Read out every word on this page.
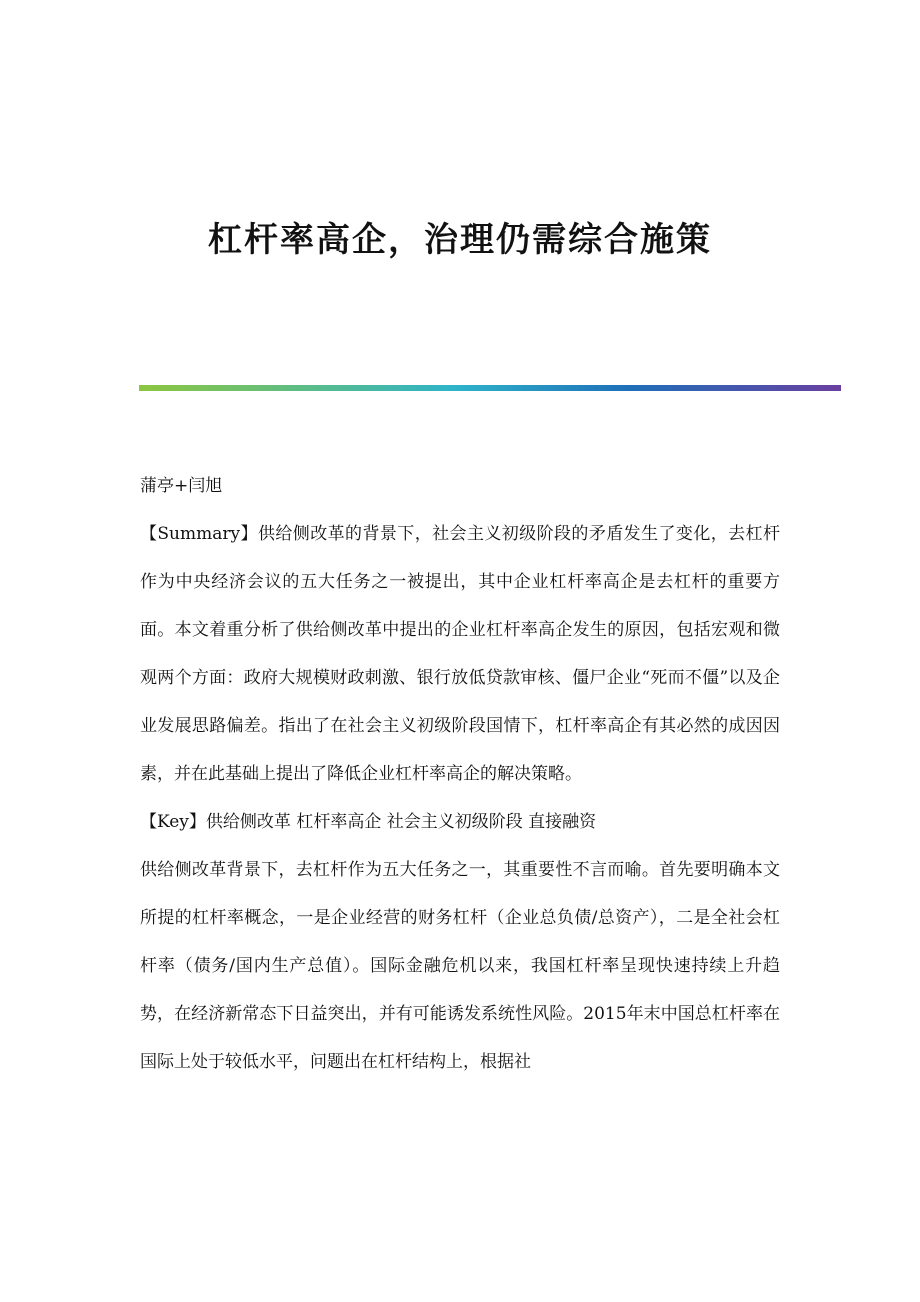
杠杆率高企，治理仍需综合施策

蒲亭+闫旭

【Summary】供给侧改革的背景下，社会主义初级阶段的矛盾发生了变化，去杠杆作为中央经济会议的五大任务之一被提出，其中企业杠杆率高企是去杠杆的重要方面。本文着重分析了供给侧改革中提出的企业杠杆率高企发生的原因，包括宏观和微观两个方面：政府大规模财政刺激、银行放低贷款审核、僵尸企业“死而不僵”以及企业发展思路偏差。指出了在社会主义初级阶段国情下，杠杆率高企有其必然的成因因素，并在此基础上提出了降低企业杠杆率高企的解决策略。

【Key】供给侧改革 杠杆率高企 社会主义初级阶段 直接融资

供给侧改革背景下，去杠杆作为五大任务之一，其重要性不言而喻。首先要明确本文所提的杠杆率概念，一是企业经营的财务杠杆（企业总负债/总资产），二是全社会杠杆率（债务/国内生产总值）。国际金融危机以来，我国杠杆率呈现快速持续上升趋势，在经济新常态下日益突出，并有可能诱发系统性风险。2015年末中国总杠杆率在国际上处于较低水平，问题出在杠杆结构上，根据社
